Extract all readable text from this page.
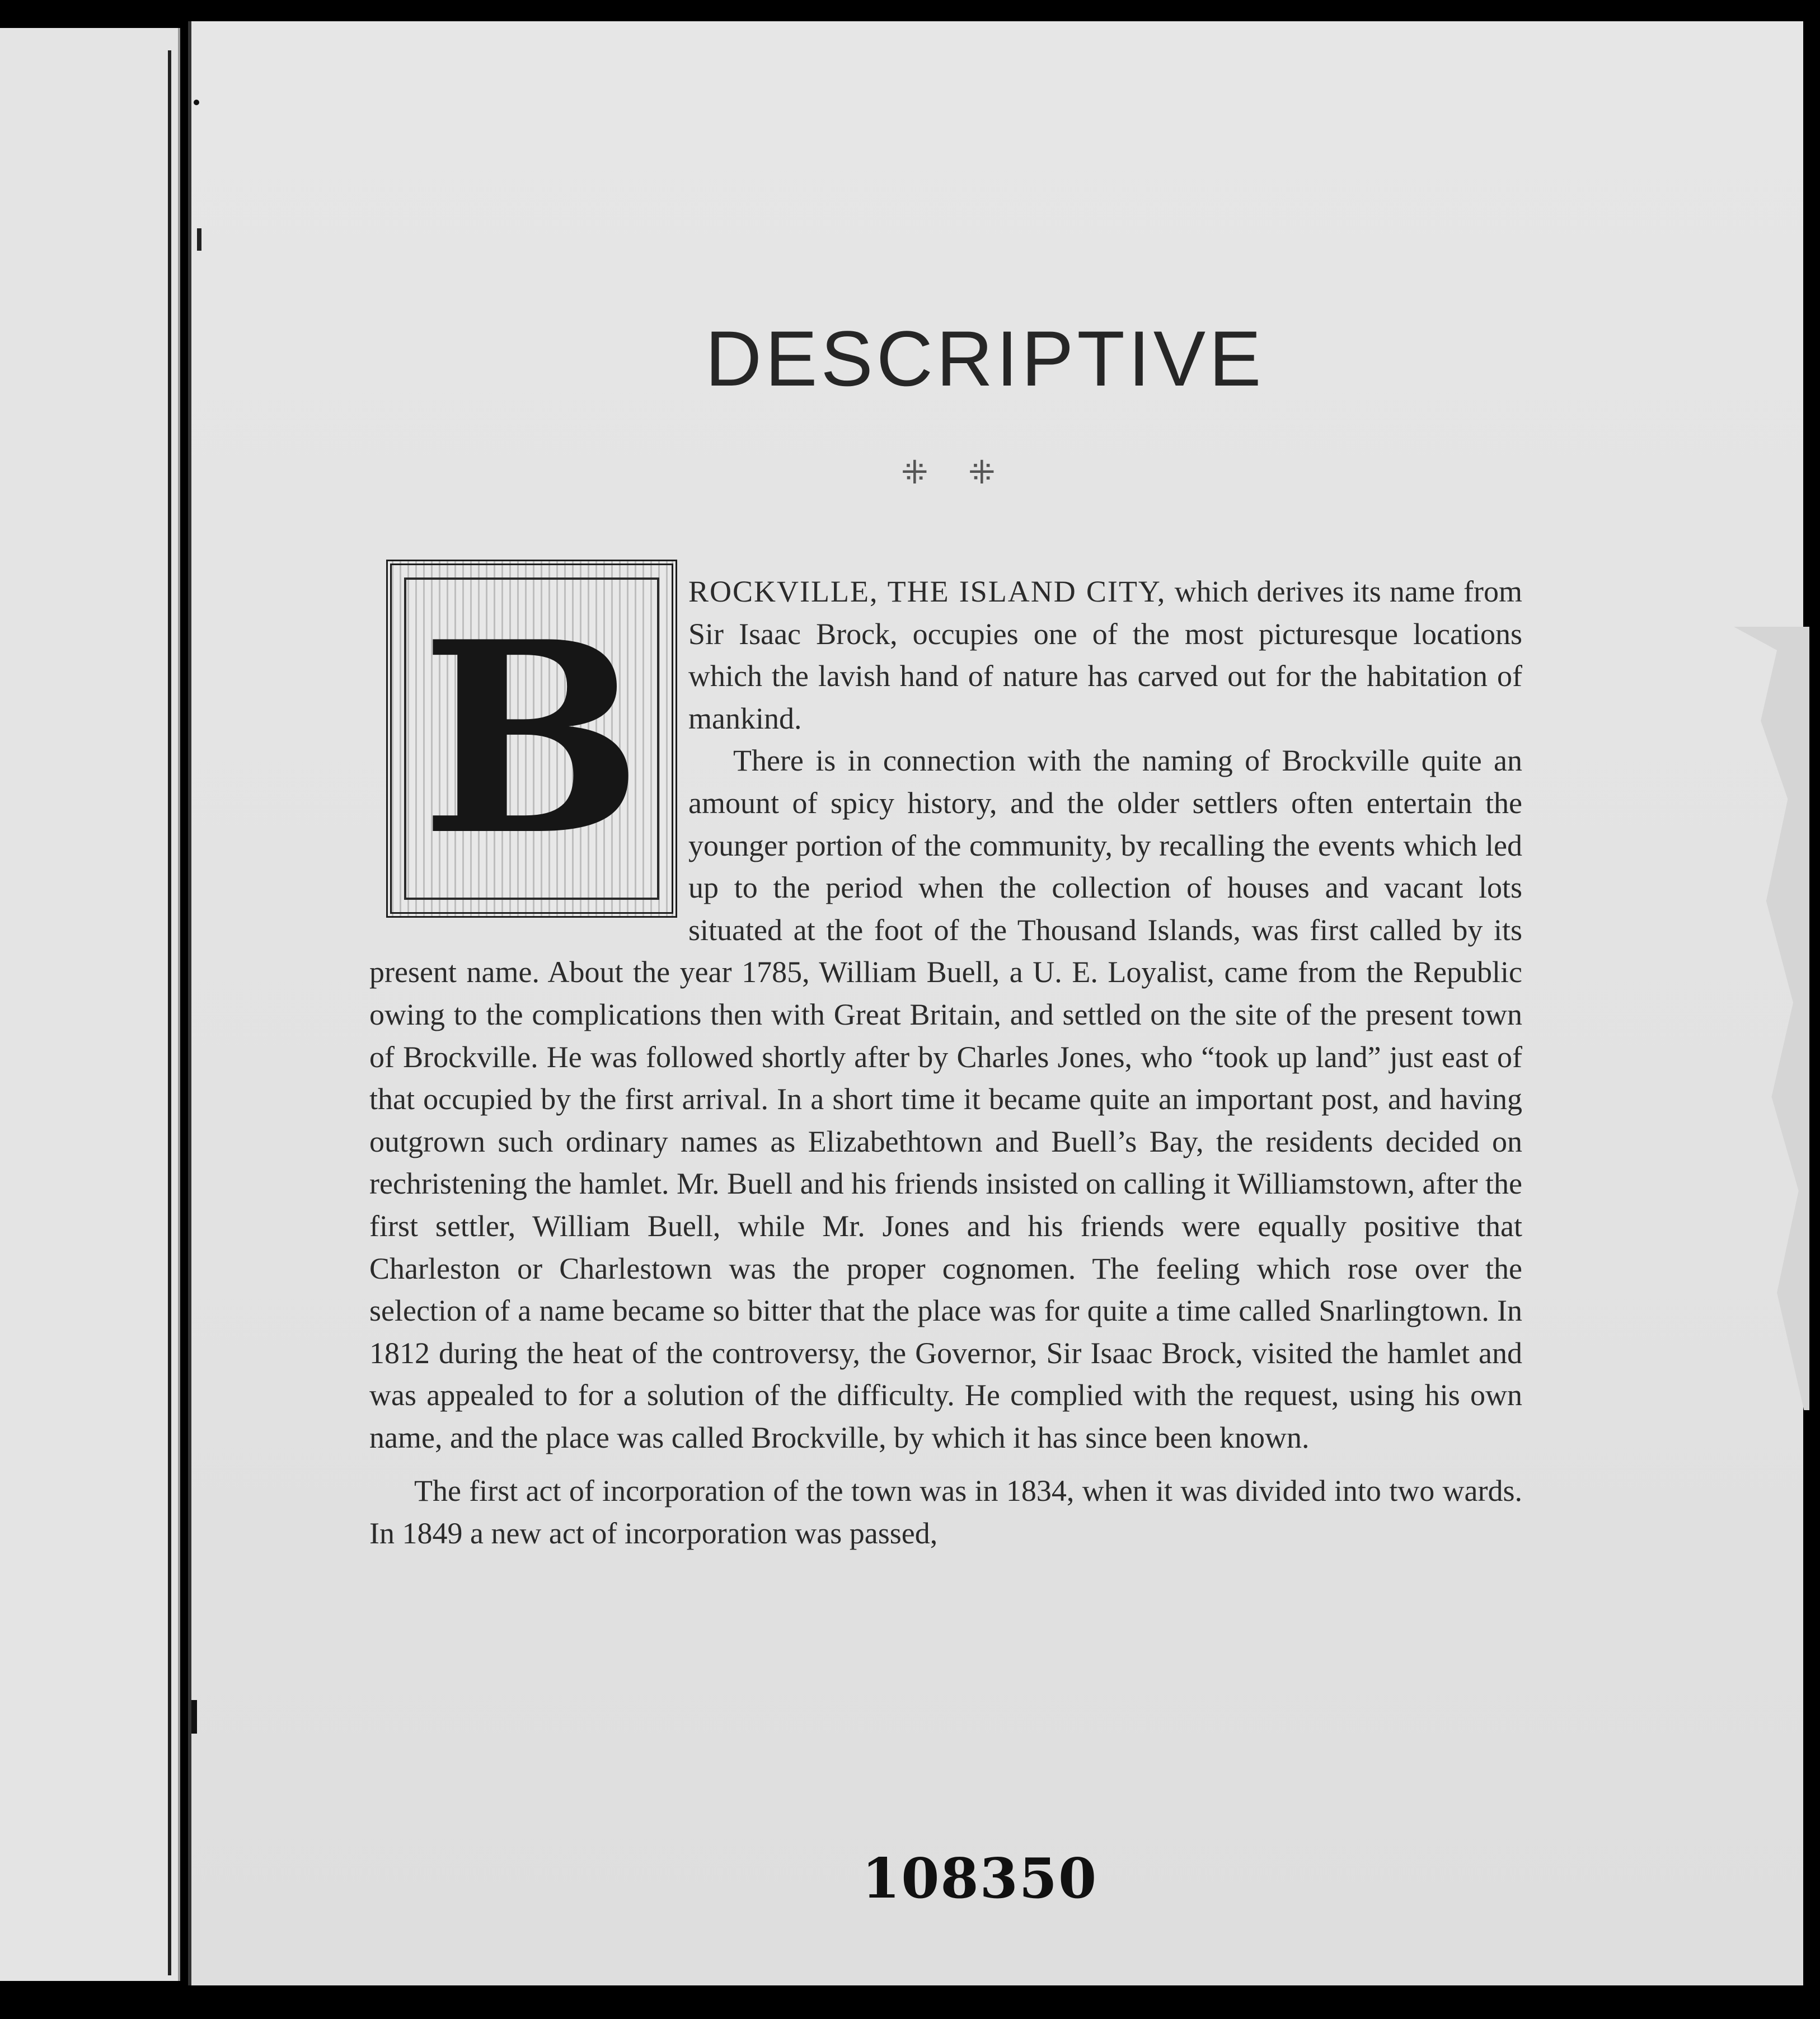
DESCRIPTIVE
⁜ ⁜
B	ROCKVILLE, THE ISLAND CITY, which derives its name from Sir Isaac Brock, occupies one of the most picturesque locations which the lavish hand of nature has carved out for the habitation of mankind.

There is in connection with the naming of Brockville quite an amount of spicy history, and the older settlers often entertain the younger portion of the community, by recalling the events which led up to the period when the collection of houses and vacant lots situated at the foot of the Thousand Islands, was first called by its present name. About the year 1785, William Buell, a U. E. Loyalist, came from the Republic owing to the complications then with Great Britain, and settled on the site of the present town of Brockville. He was followed shortly after by Charles Jones, who “took up land” just east of that occupied by the first arrival. In a short time it became quite an important post, and having outgrown such ordinary names as Elizabethtown and Buell’s Bay, the residents decided on rechristening the hamlet. Mr. Buell and his friends insisted on calling it Williamstown, after the first settler, William Buell, while Mr. Jones and his friends were equally positive that Charleston or Charlestown was the proper cognomen. The feeling which rose over the selection of a name became so bitter that the place was for quite a time called Snarlingtown. In 1812 during the heat of the controversy, the Governor, Sir Isaac Brock, visited the hamlet and was appealed to for a solution of the difficulty. He complied with the request, using his own name, and the place was called Brockville, by which it has since been known.

The first act of incorporation of the town was in 1834, when it was divided into two wards. In 1849 a new act of incorporation was passed,

108350
